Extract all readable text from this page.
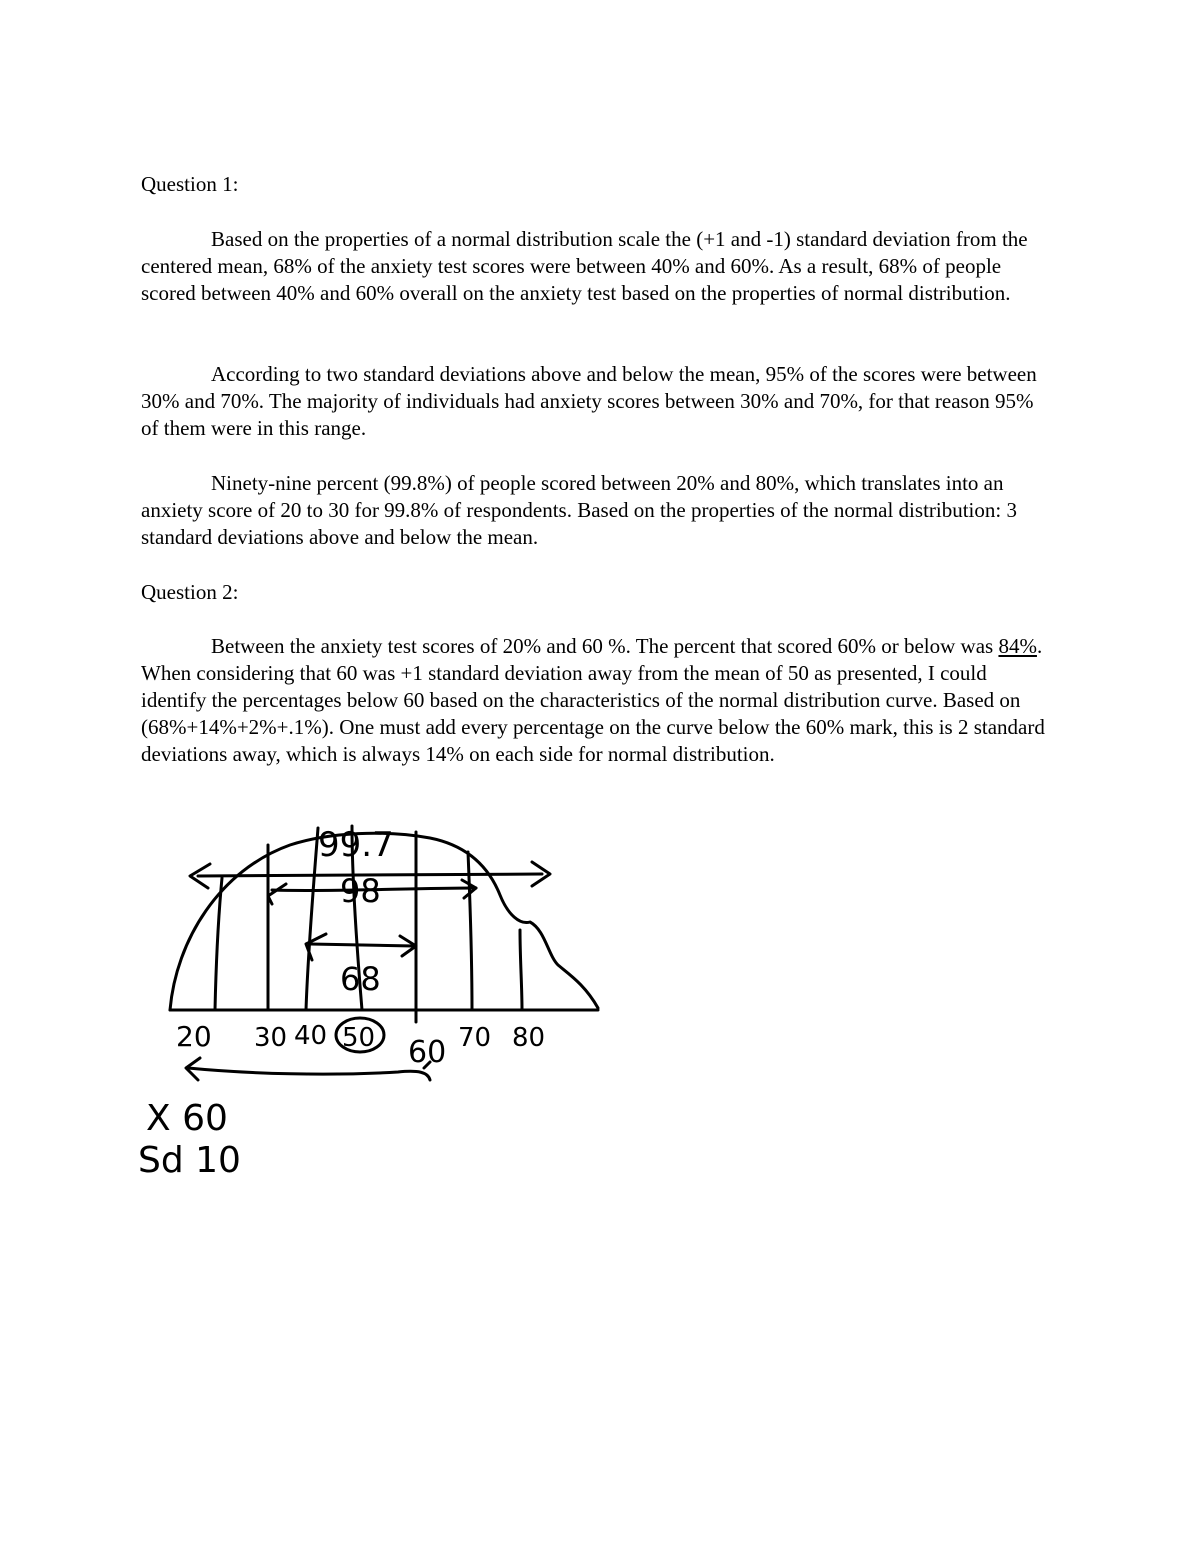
Question 1:

Based on the properties of a normal distribution scale the (+1 and -1) standard deviation from the centered mean, 68% of the anxiety test scores were between 40% and 60%. As a result, 68% of people scored between 40% and 60% overall on the anxiety test based on the properties of normal distribution.

According to two standard deviations above and below the mean, 95% of the scores were between 30% and 70%. The majority of individuals had anxiety scores between 30% and 70%, for that reason 95% of them were in this range.

Ninety-nine percent (99.8%) of people scored between 20% and 80%, which translates into an anxiety score of 20 to 30 for 99.8% of respondents. Based on the properties of the normal distribution: 3 standard deviations above and below the mean.

Question 2:

Between the anxiety test scores of 20% and 60 %. The percent that scored 60% or below was 84%. When considering that 60 was +1 standard deviation away from the mean of 50 as presented, I could identify the percentages below 60 based on the characteristics of the normal distribution curve. Based on (68%+14%+2%+.1%). One must add every percentage on the curve below the 60% mark, this is 2 standard deviations away, which is always 14% on each side for normal distribution.

99.7
98
68
20 30 40 50 60 70 80
X 60
Sd 10
